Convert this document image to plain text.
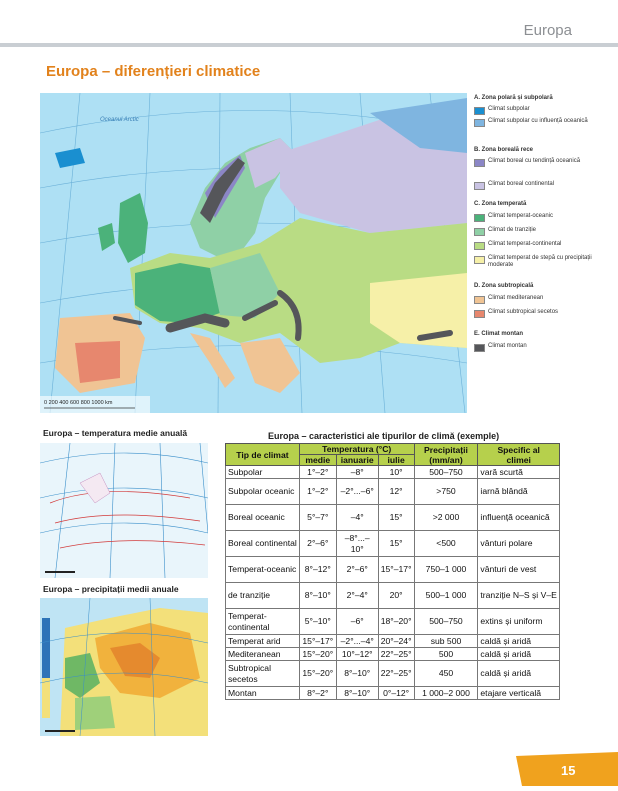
Europa
Europa – diferențieri climatice
0 200 400 600 800 1000 km
Oceanul Arctic
A. Zona polară și subpolară
Climat subpolar
Climat subpolar cu influență oceanică
B. Zona boreală rece
Climat boreal cu tendință oceanică
Climat boreal continental
C. Zona temperată
Climat temperat-oceanic
Climat de tranziție
Climat temperat-continental
Climat temperat de stepă cu precipitații moderate
D. Zona subtropicală
Climat mediteranean
Climat subtropical secetos
E. Climat montan
Climat montan
Europa – temperatura medie anuală
Europa – precipitații medii anuale
Europa – caracteristici ale tipurilor de climă (exemple)
Tip de climat	Temperatura (°C)			Precipitații
(mm/an)	Specific al
climei
	medie	ianuarie	iulie		
Subpolar	1°–2°	–8°	10°	500–750	vară scurtă
Subpolar oceanic	1°–2°	–2°...–6°	12°	>750	iarnă blândă
Boreal oceanic	5°–7°	–4°	15°	>2 000	influență oceanică
Boreal continental	2°–6°	–8°...–10°	15°	<500	vânturi polare
Temperat-oceanic	8°–12°	2°–6°	15°–17°	750–1 000	vânturi de vest
de tranziție	8°–10°	2°–4°	20°	500–1 000	tranziție N–S și V–E
Temperat-continental	5°–10°	–6°	18°–20°	500–750	extins și uniform
Temperat arid	15°–17°	–2°...–4°	20°–24°	sub 500	caldă și aridă
Mediteranean	15°–20°	10°–12°	22°–25°	500	caldă și aridă
Subtropical secetos	15°–20°	8°–10°	22°–25°	450	caldă și aridă
Montan	8°–2°	8°–10°	0°–12°	1 000–2 000	etajare verticală
15
